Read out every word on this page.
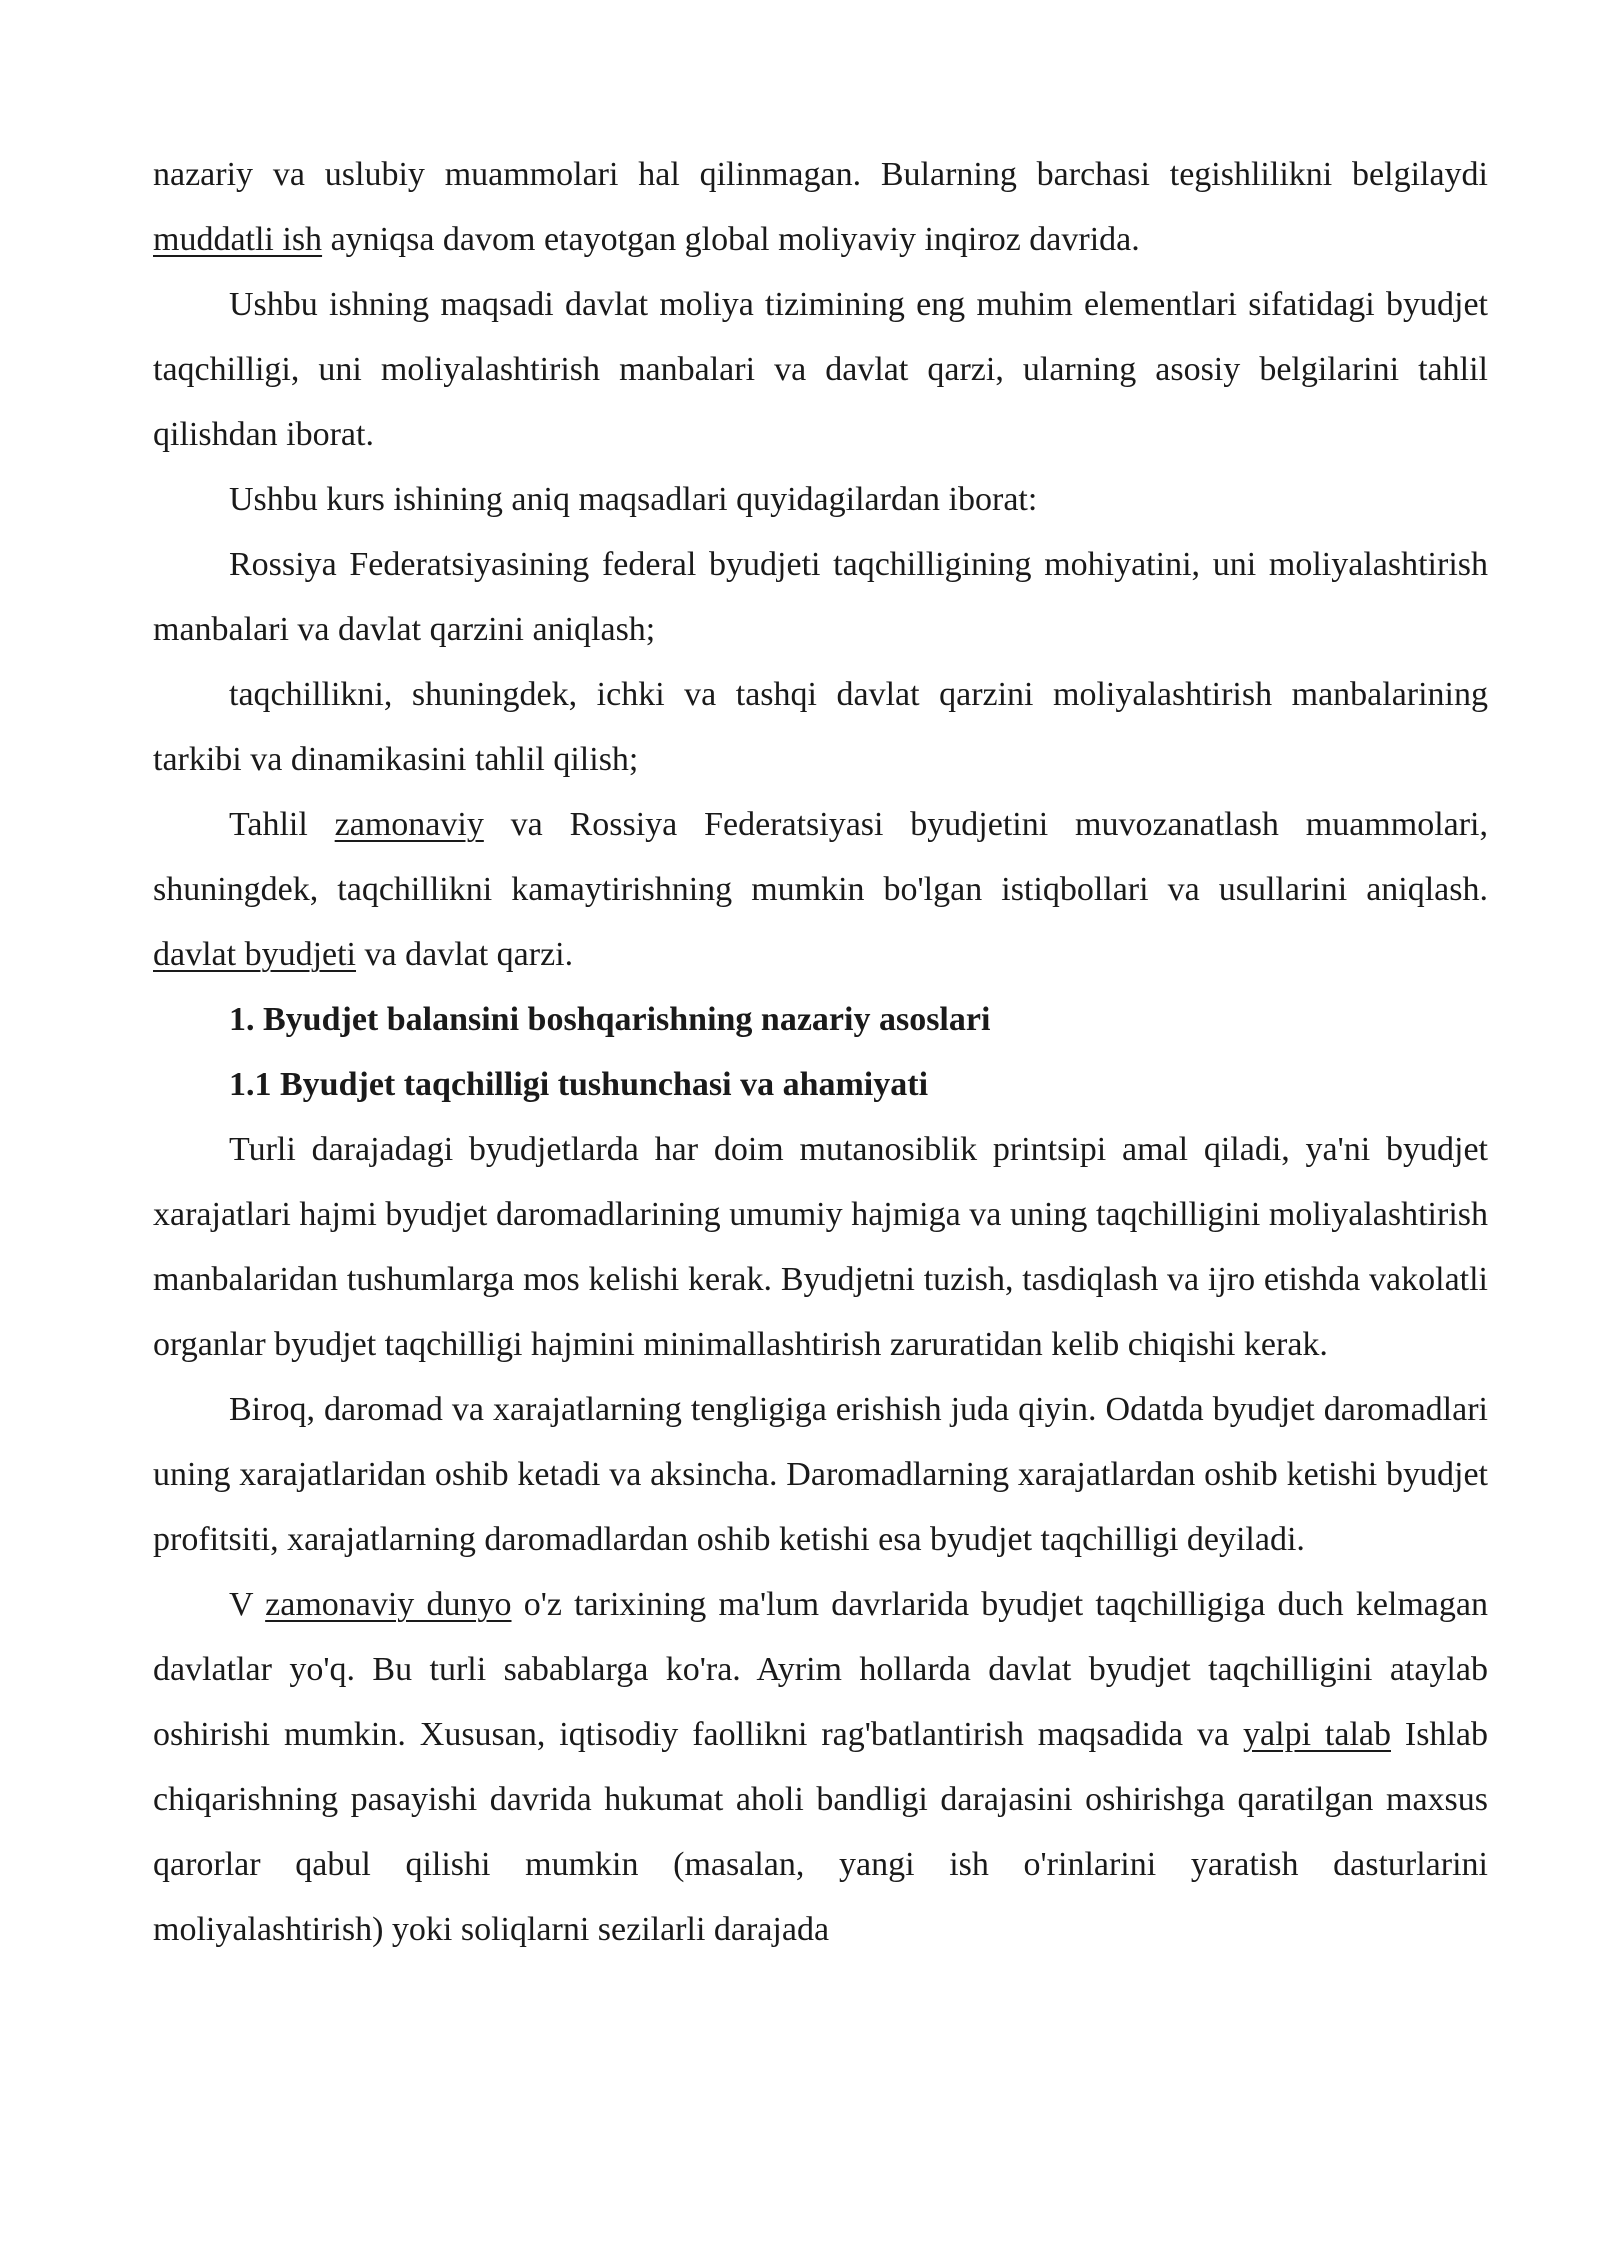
nazariy va uslubiy muammolari hal qilinmagan. Bularning barchasi tegishlilikni belgilaydi muddatli ish ayniqsa davom etayotgan global moliyaviy inqiroz davrida.

Ushbu ishning maqsadi davlat moliya tizimining eng muhim elementlari sifatidagi byudjet taqchilligi, uni moliyalashtirish manbalari va davlat qarzi, ularning asosiy belgilarini tahlil qilishdan iborat.

Ushbu kurs ishining aniq maqsadlari quyidagilardan iborat:

Rossiya Federatsiyasining federal byudjeti taqchilligining mohiyatini, uni moliyalashtirish manbalari va davlat qarzini aniqlash;

taqchillikni, shuningdek, ichki va tashqi davlat qarzini moliyalashtirish manbalarining tarkibi va dinamikasini tahlil qilish;

Tahlil zamonaviy va Rossiya Federatsiyasi byudjetini muvozanatlash muammolari, shuningdek, taqchillikni kamaytirishning mumkin bo'lgan istiqbollari va usullarini aniqlash. davlat byudjeti va davlat qarzi.

1. Byudjet balansini boshqarishning nazariy asoslari
1.1 Byudjet taqchilligi tushunchasi va ahamiyati

Turli darajadagi byudjetlarda har doim mutanosiblik printsipi amal qiladi, ya'ni byudjet xarajatlari hajmi byudjet daromadlarining umumiy hajmiga va uning taqchilligini moliyalashtirish manbalaridan tushumlarga mos kelishi kerak. Byudjetni tuzish, tasdiqlash va ijro etishda vakolatli organlar byudjet taqchilligi hajmini minimallashtirish zaruratidan kelib chiqishi kerak.

Biroq, daromad va xarajatlarning tengligiga erishish juda qiyin. Odatda byudjet daromadlari uning xarajatlaridan oshib ketadi va aksincha. Daromadlarning xarajatlardan oshib ketishi byudjet profitsiti, xarajatlarning daromadlardan oshib ketishi esa byudjet taqchilligi deyiladi.

V zamonaviy dunyo o'z tarixining ma'lum davrlarida byudjet taqchilligiga duch kelmagan davlatlar yo'q. Bu turli sabablarga ko'ra. Ayrim hollarda davlat byudjet taqchilligini ataylab oshirishi mumkin. Xususan, iqtisodiy faollikni rag'batlantirish maqsadida va yalpi talab Ishlab chiqarishning pasayishi davrida hukumat aholi bandligi darajasini oshirishga qaratilgan maxsus qarorlar qabul qilishi mumkin (masalan, yangi ish o'rinlarini yaratish dasturlarini moliyalashtirish) yoki soliqlarni sezilarli darajada
